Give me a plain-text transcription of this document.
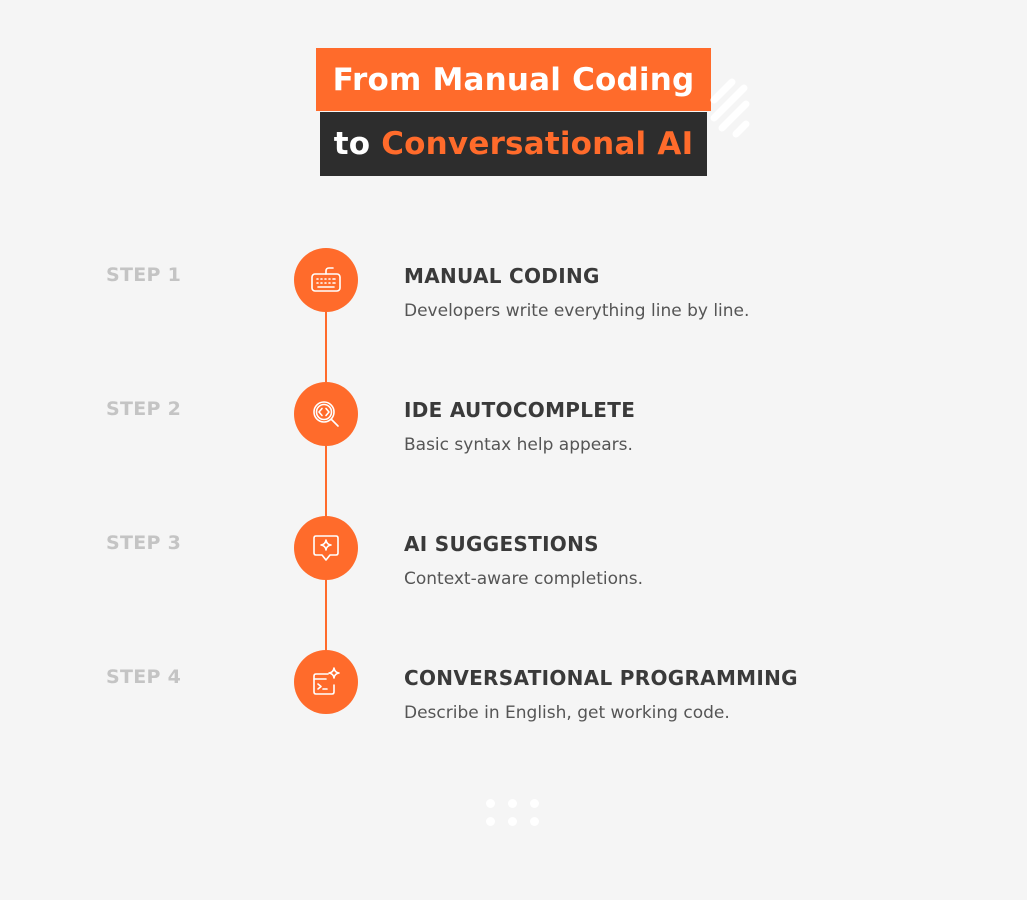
From Manual Coding
to Conversational AI
STEP 1	MANUAL CODING
Developers write everything line by line.
STEP 2	IDE AUTOCOMPLETE
Basic syntax help appears.
STEP 3	AI SUGGESTIONS
Context-aware completions.
STEP 4	CONVERSATIONAL PROGRAMMING
Describe in English, get working code.
